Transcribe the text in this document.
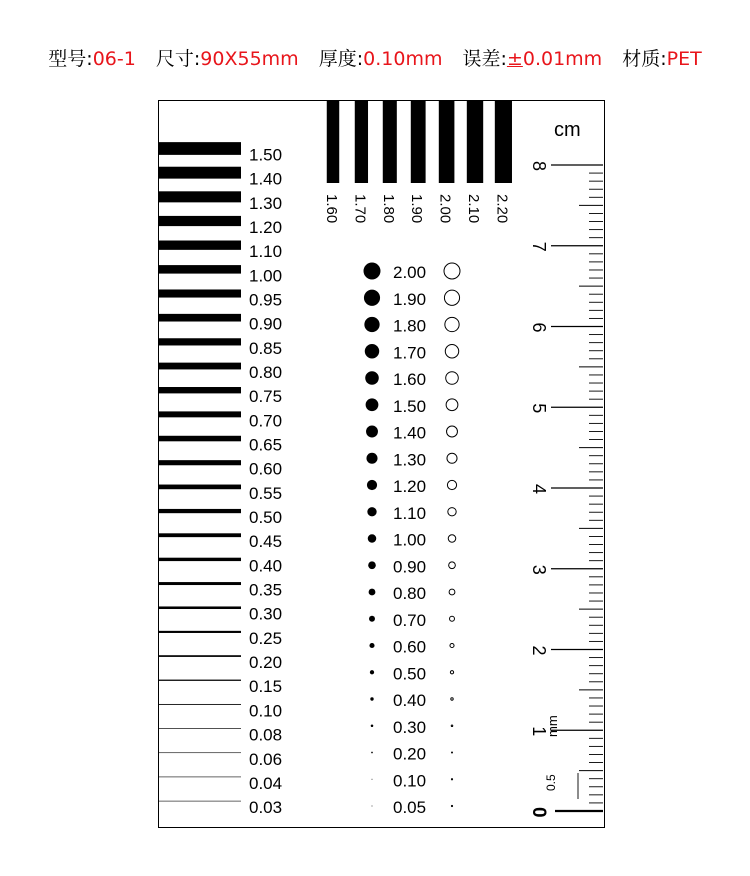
型号:06-1 尺寸:90X55mm 厚度:0.10mm 误差:±0.01mm 材质:PET
1.50
1.40
1.30
1.20
1.10
1.00
0.95
0.90
0.85
0.80
0.75
0.70
0.65
0.60
0.55
0.50
0.45
0.40
0.35
0.30
0.25
0.20
0.15
0.10
0.08
0.06
0.04
0.03
1.60 1.70 1.80 1.90 2.00 2.10 2.20
2.00
1.90
1.80
1.70
1.60
1.50
1.40
1.30
1.20
1.10
1.00
0.90
0.80
0.70
0.60
0.50
0.40
0.30
0.20
0.10
0.05	0
1
2
3
4
5
6
7
8
cm
mm
0.5
